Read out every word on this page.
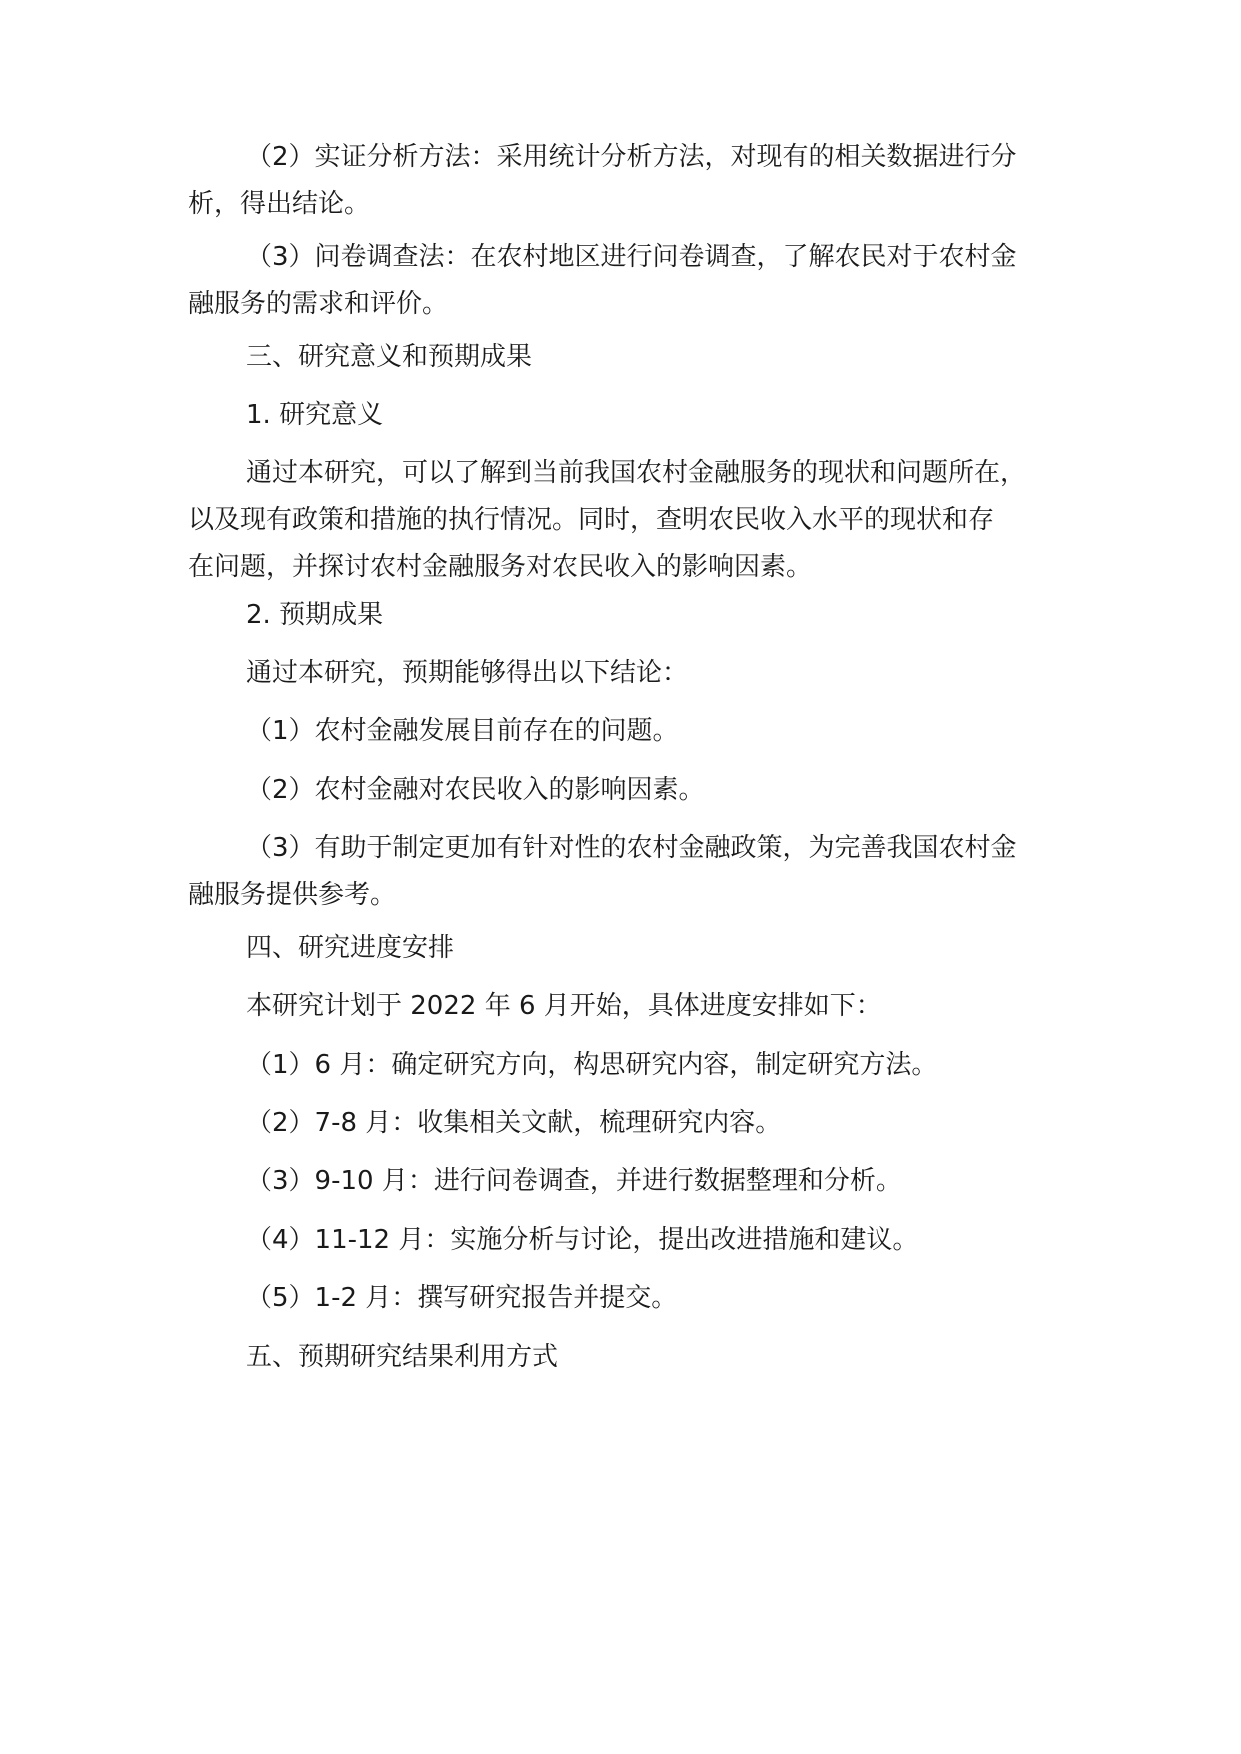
（2）实证分析方法：采用统计分析方法，对现有的相关数据进行分
析，得出结论。
（3）问卷调查法：在农村地区进行问卷调查，了解农民对于农村金
融服务的需求和评价。
三、研究意义和预期成果
1. 研究意义
通过本研究，可以了解到当前我国农村金融服务的现状和问题所在，
以及现有政策和措施的执行情况。同时，查明农民收入水平的现状和存
在问题，并探讨农村金融服务对农民收入的影响因素。
2. 预期成果
通过本研究，预期能够得出以下结论：
（1）农村金融发展目前存在的问题。
（2）农村金融对农民收入的影响因素。
（3）有助于制定更加有针对性的农村金融政策，为完善我国农村金
融服务提供参考。
四、研究进度安排
本研究计划于 2022 年 6 月开始，具体进度安排如下：
（1）6 月：确定研究方向，构思研究内容，制定研究方法。
（2）7-8 月：收集相关文献，梳理研究内容。
（3）9-10 月：进行问卷调查，并进行数据整理和分析。
（4）11-12 月：实施分析与讨论，提出改进措施和建议。
（5）1-2 月：撰写研究报告并提交。
五、预期研究结果利用方式
